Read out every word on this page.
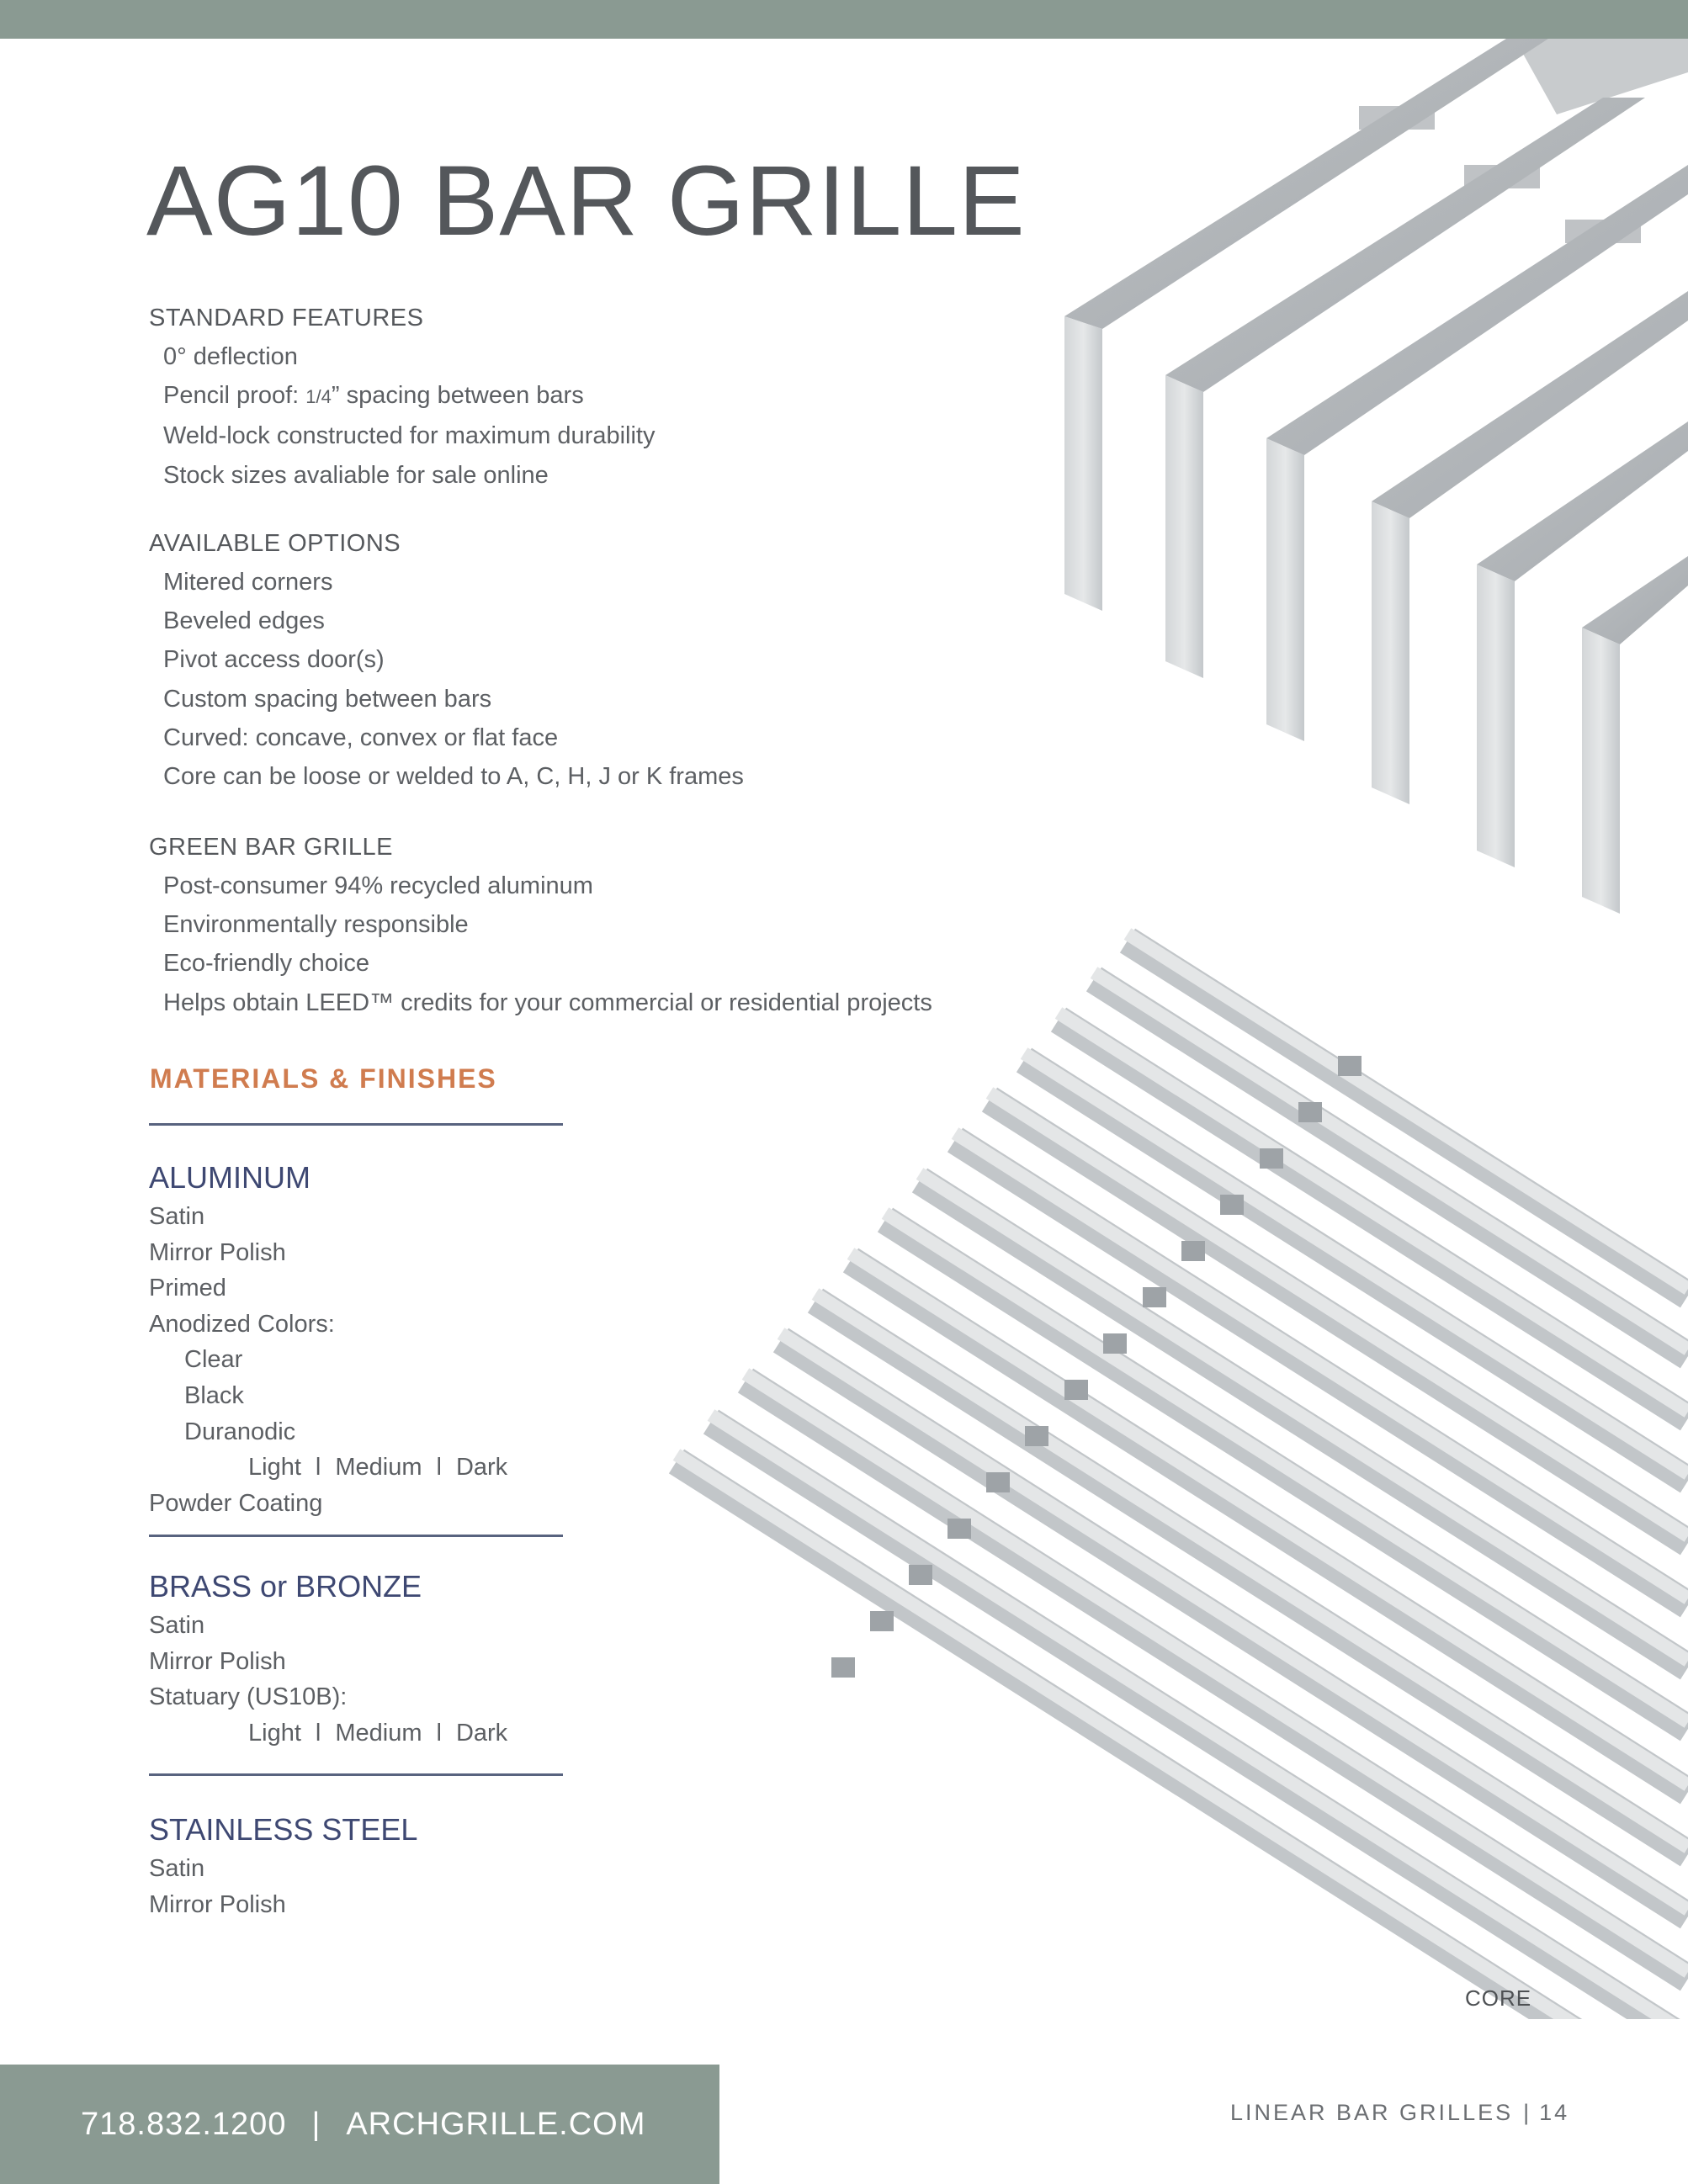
AG10 BAR GRILLE
STANDARD FEATURES
0° deflection
Pencil proof: 1/4” spacing between bars
Weld-lock constructed for maximum durability
Stock sizes avaliable for sale online
AVAILABLE OPTIONS
Mitered corners
Beveled edges
Pivot access door(s)
Custom spacing between bars
Curved: concave, convex or flat face
Core can be loose or welded to A, C, H, J or K frames
GREEN BAR GRILLE
Post-consumer 94% recycled aluminum
Environmentally responsible
Eco-friendly choice
Helps obtain LEED™ credits for your commercial or residential projects
MATERIALS & FINISHES
ALUMINUM
Satin
Mirror Polish
Primed
Anodized Colors:
Clear
Black
Duranodic
Light l Medium l Dark
Powder Coating
BRASS or BRONZE
Satin
Mirror Polish
Statuary (US10B):
Light l Medium l Dark
STAINLESS STEEL
Satin
Mirror Polish
CORE
718.832.1200 | ARCHGRILLE.COM	LINEAR BAR GRILLES | 14
